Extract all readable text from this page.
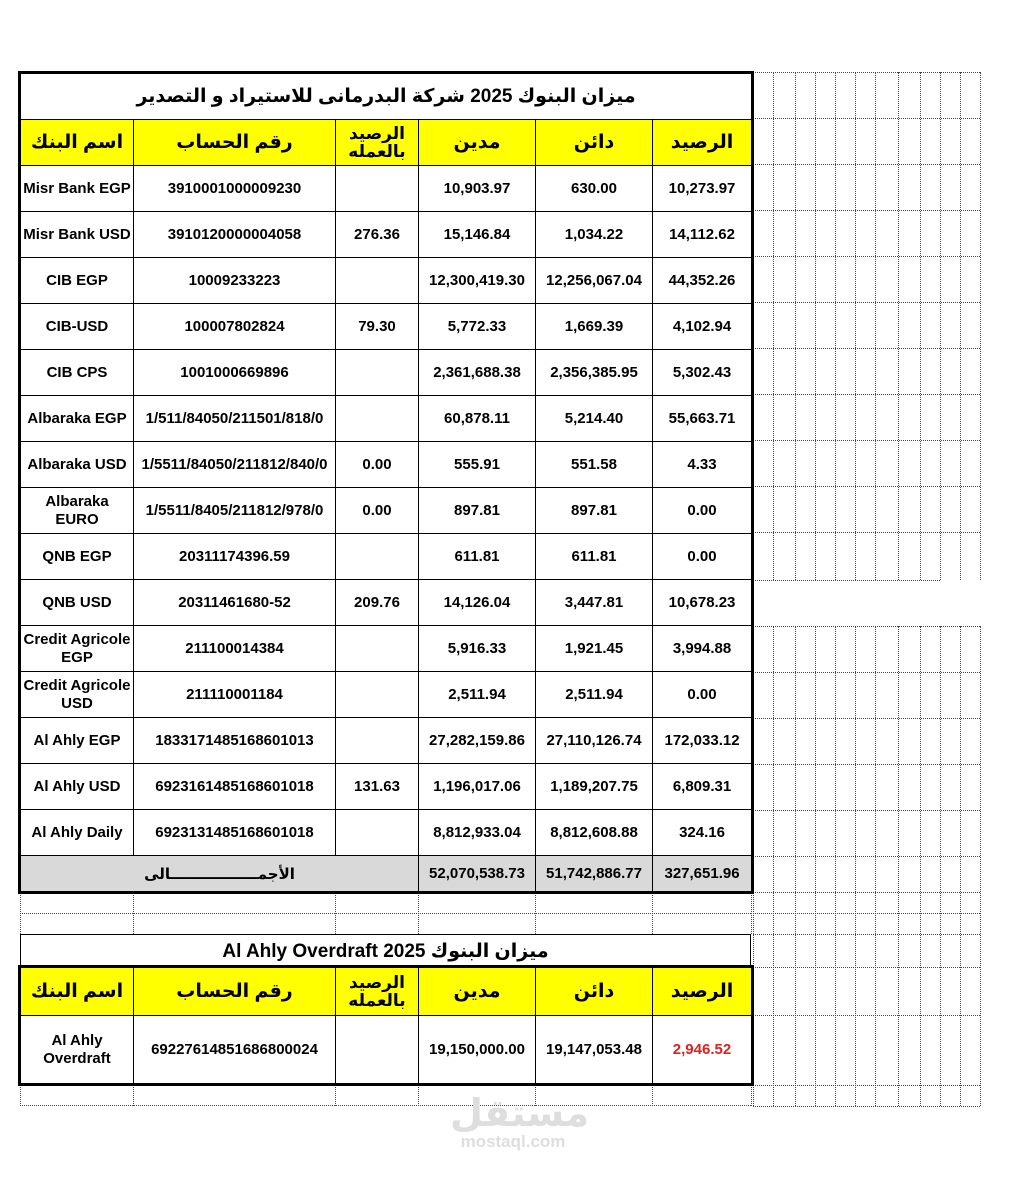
ميزان البنوك 2025 شركة البدرمانى للاستيراد و التصدير					
اسم البنك	رقم الحساب	الرصيد بالعمله	مدين	دائن	الرصيد
Misr Bank EGP	3910001000009230		10,903.97	630.00	10,273.97
Misr Bank USD	3910120000004058	276.36	15,146.84	1,034.22	14,112.62
CIB EGP	10009233223		12,300,419.30	12,256,067.04	44,352.26
CIB-USD	100007802824	79.30	5,772.33	1,669.39	4,102.94
CIB CPS	1001000669896		2,361,688.38	2,356,385.95	5,302.43
Albaraka EGP	1/511/84050/211501/818/0		60,878.11	5,214.40	55,663.71
Albaraka USD	1/5511/84050/211812/840/0	0.00	555.91	551.58	4.33
Albaraka EURO	1/5511/8405/211812/978/0	0.00	897.81	897.81	0.00
QNB EGP	20311174396.59		611.81	611.81	0.00
QNB USD	20311461680-52	209.76	14,126.04	3,447.81	10,678.23
Credit Agricole EGP	211100014384		5,916.33	1,921.45	3,994.88
Credit Agricole USD	211110001184		2,511.94	2,511.94	0.00
Al Ahly EGP	1833171485168601013		27,282,159.86	27,110,126.74	172,033.12
Al Ahly USD	6923161485168601018	131.63	1,196,017.06	1,189,207.75	6,809.31
Al Ahly Daily	6923131485168601018		8,812,933.04	8,812,608.88	324.16
الأجمـــــــــــــــــالى			52,070,538.73	51,742,886.77	327,651.96
Al Ahly Overdraft ميزان البنوك 2025
اسم البنك	رقم الحساب	الرصيد بالعمله	مدين	دائن	الرصيد
Al Ahly Overdraft	69227614851686800024		19,150,000.00	19,147,053.48	2,946.52
مستقل
mostaql.com
